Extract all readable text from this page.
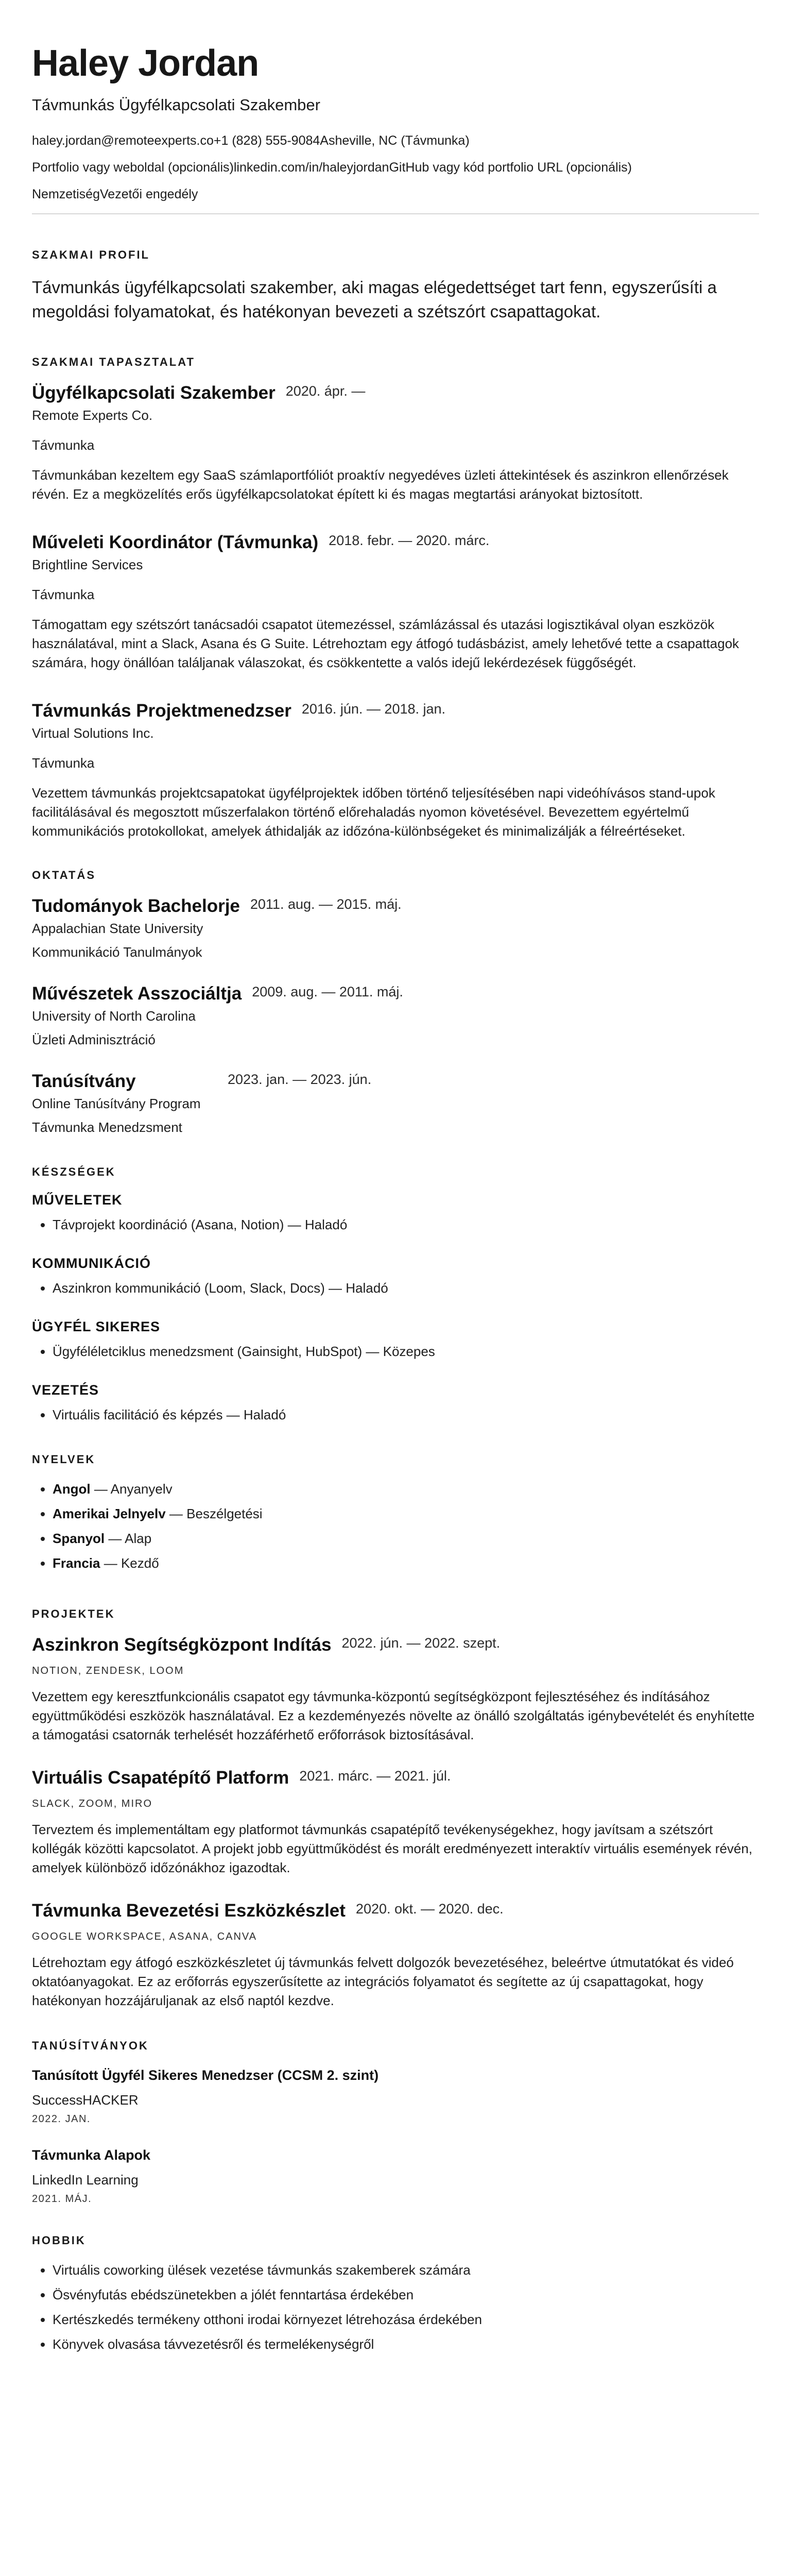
Haley Jordan
Távmunkás Ügyfélkapcsolati Szakember
haley.jordan@remoteexperts.co +1 (828) 555-9084 Asheville, NC (Távmunka)
Portfolio vagy weboldal (opcionális) linkedin.com/in/haleyjordan GitHub vagy kód portfolio URL (opcionális)
Nemzetiség Vezetői engedély
SZAKMAI PROFIL

Távmunkás ügyfélkapcsolati szakember, aki magas elégedettséget tart fenn, egyszerűsíti a megoldási folyamatokat, és hatékonyan bevezeti a szétszórt csapattagokat.

SZAKMAI TAPASZTALAT
Ügyfélkapcsolati Szakember 2020. ápr. —
Remote Experts Co.
Távmunka
Távmunkában kezeltem egy SaaS számlaportfóliót proaktív negyedéves üzleti áttekintések és aszinkron ellenőrzések révén. Ez a megközelítés erős ügyfélkapcsolatokat épített ki és magas megtartási arányokat biztosított.
Műveleti Koordinátor (Távmunka) 2018. febr. — 2020. márc.
Brightline Services
Távmunka
Támogattam egy szétszórt tanácsadói csapatot ütemezéssel, számlázással és utazási logisztikával olyan eszközök használatával, mint a Slack, Asana és G Suite. Létrehoztam egy átfogó tudásbázist, amely lehetővé tette a csapattagok számára, hogy önállóan találjanak válaszokat, és csökkentette a valós idejű lekérdezések függőségét.
Távmunkás Projektmenedzser 2016. jún. — 2018. jan.
Virtual Solutions Inc.
Távmunka
Vezettem távmunkás projektcsapatokat ügyfélprojektek időben történő teljesítésében napi videóhívásos stand-upok facilitálásával és megosztott műszerfalakon történő előrehaladás nyomon követésével. Bevezettem egyértelmű kommunikációs protokollokat, amelyek áthidalják az időzóna-különbségeket és minimalizálják a félreértéseket.
OKTATÁS
Tudományok Bachelorje 2011. aug. — 2015. máj.
Appalachian State University
Kommunikáció Tanulmányok
Művészetek Asszociáltja 2009. aug. — 2011. máj.
University of North Carolina
Üzleti Adminisztráció
Tanúsítvány	2023. jan. — 2023. jún.
Online Tanúsítvány Program
Távmunka Menedzsment
KÉSZSÉGEK
MŰVELETEK
• Távprojekt koordináció (Asana, Notion) — Haladó
KOMMUNIKÁCIÓ
• Aszinkron kommunikáció (Loom, Slack, Docs) — Haladó
ÜGYFÉL SIKERES
• Ügyféléletciklus menedzsment (Gainsight, HubSpot) — Közepes
VEZETÉS
• Virtuális facilitáció és képzés — Haladó
NYELVEK
• Angol — Anyanyelv
• Amerikai Jelnyelv — Beszélgetési
• Spanyol — Alap
• Francia — Kezdő
PROJEKTEK
Aszinkron Segítségközpont Indítás 2022. jún. — 2022. szept.
NOTION, ZENDESK, LOOM
Vezettem egy keresztfunkcionális csapatot egy távmunka-központú segítségközpont fejlesztéséhez és indításához együttműködési eszközök használatával. Ez a kezdeményezés növelte az önálló szolgáltatás igénybevételét és enyhítette a támogatási csatornák terhelését hozzáférhető erőforrások biztosításával.
Virtuális Csapatépítő Platform 2021. márc. — 2021. júl.
SLACK, ZOOM, MIRO
Terveztem és implementáltam egy platformot távmunkás csapatépítő tevékenységekhez, hogy javítsam a szétszórt kollégák közötti kapcsolatot. A projekt jobb együttműködést és morált eredményezett interaktív virtuális események révén, amelyek különböző időzónákhoz igazodtak.
Távmunka Bevezetési Eszközkészlet 2020. okt. — 2020. dec.
GOOGLE WORKSPACE, ASANA, CANVA
Létrehoztam egy átfogó eszközkészletet új távmunkás felvett dolgozók bevezetéséhez, beleértve útmutatókat és videó oktatóanyagokat. Ez az erőforrás egyszerűsítette az integrációs folyamatot és segítette az új csapattagokat, hogy hatékonyan hozzájáruljanak az első naptól kezdve.
TANÚSÍTVÁNYOK
Tanúsított Ügyfél Sikeres Menedzser (CCSM 2. szint)
SuccessHACKER
2022. JAN.
Távmunka Alapok
LinkedIn Learning
2021. MÁJ.
HOBBIK
• Virtuális coworking ülések vezetése távmunkás szakemberek számára
• Ösvényfutás ebédszünetekben a jólét fenntartása érdekében
• Kertészkedés termékeny otthoni irodai környezet létrehozása érdekében
• Könyvek olvasása távvezetésről és termelékenységről
